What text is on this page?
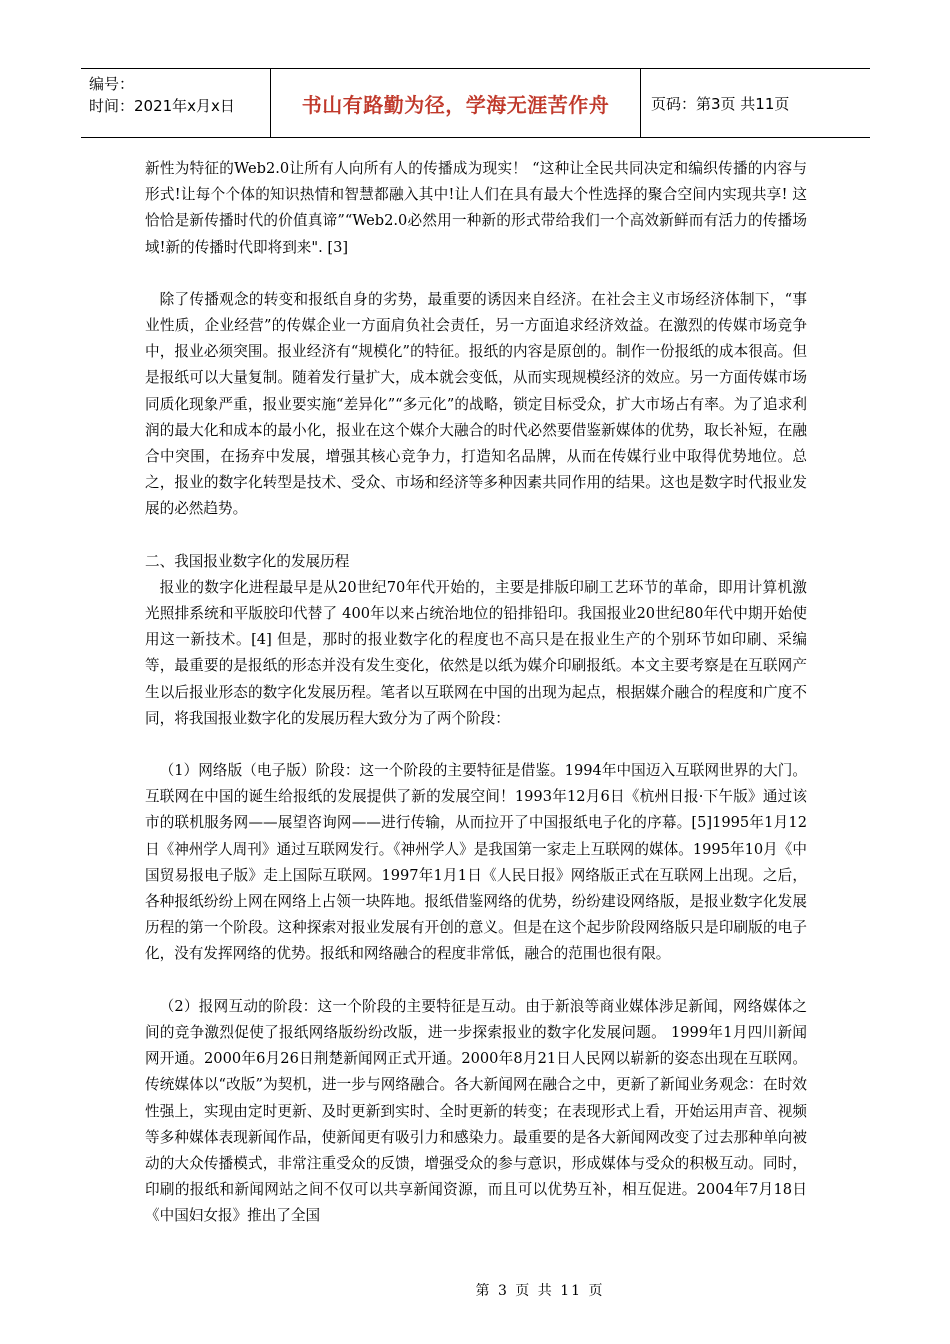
编号：
时间：2021年x月x日	书山有路勤为径，学海无涯苦作舟	页码：第3页 共11页

新性为特征的Web2.0让所有人向所有人的传播成为现实！ “这种让全民共同决定和编织传播的内容与形式!让每个个体的知识热情和智慧都融入其中!让人们在具有最大个性选择的聚合空间内实现共享! 这恰恰是新传播时代的价值真谛”“Web2.0必然用一种新的形式带给我们一个高效新鲜而有活力的传播场域!新的传播时代即将到来". [3]

除了传播观念的转变和报纸自身的劣势，最重要的诱因来自经济。在社会主义市场经济体制下，“事业性质，企业经营”的传媒企业一方面肩负社会责任，另一方面追求经济效益。在激烈的传媒市场竞争中，报业必须突围。报业经济有“规模化”的特征。报纸的内容是原创的。制作一份报纸的成本很高。但是报纸可以大量复制。随着发行量扩大，成本就会变低，从而实现规模经济的效应。另一方面传媒市场同质化现象严重，报业要实施“差异化”“多元化”的战略，锁定目标受众，扩大市场占有率。为了追求利润的最大化和成本的最小化，报业在这个媒介大融合的时代必然要借鉴新媒体的优势，取长补短，在融合中突围，在扬弃中发展，增强其核心竞争力，打造知名品牌，从而在传媒行业中取得优势地位。总之，报业的数字化转型是技术、受众、市场和经济等多种因素共同作用的结果。这也是数字时代报业发展的必然趋势。

二、我国报业数字化的发展历程

报业的数字化进程最早是从20世纪70年代开始的，主要是排版印刷工艺环节的革命，即用计算机激光照排系统和平版胶印代替了 400年以来占统治地位的铅排铅印。我国报业20世纪80年代中期开始使用这一新技术。[4] 但是，那时的报业数字化的程度也不高只是在报业生产的个别环节如印刷、采编等，最重要的是报纸的形态并没有发生变化，依然是以纸为媒介印刷报纸。本文主要考察是在互联网产生以后报业形态的数字化发展历程。笔者以互联网在中国的出现为起点，根据媒介融合的程度和广度不同，将我国报业数字化的发展历程大致分为了两个阶段：

（1）网络版（电子版）阶段：这一个阶段的主要特征是借鉴。1994年中国迈入互联网世界的大门。互联网在中国的诞生给报纸的发展提供了新的发展空间！1993年12月6日《杭州日报·下午版》通过该市的联机服务网——展望咨询网——进行传输，从而拉开了中国报纸电子化的序幕。[5]1995年1月12日《神州学人周刊》通过互联网发行。《神州学人》是我国第一家走上互联网的媒体。1995年10月《中国贸易报电子版》走上国际互联网。1997年1月1日《人民日报》网络版正式在互联网上出现。之后，各种报纸纷纷上网在网络上占领一块阵地。报纸借鉴网络的优势，纷纷建设网络版，是报业数字化发展历程的第一个阶段。这种探索对报业发展有开创的意义。但是在这个起步阶段网络版只是印刷版的电子化，没有发挥网络的优势。报纸和网络融合的程度非常低，融合的范围也很有限。

（2）报网互动的阶段：这一个阶段的主要特征是互动。由于新浪等商业媒体涉足新闻，网络媒体之间的竞争激烈促使了报纸网络版纷纷改版，进一步探索报业的数字化发展问题。 1999年1月四川新闻网开通。2000年6月26日荆楚新闻网正式开通。2000年8月21日人民网以崭新的姿态出现在互联网。传统媒体以“改版”为契机，进一步与网络融合。各大新闻网在融合之中，更新了新闻业务观念：在时效性强上，实现由定时更新、及时更新到实时、全时更新的转变；在表现形式上看，开始运用声音、视频等多种媒体表现新闻作品，使新闻更有吸引力和感染力。最重要的是各大新闻网改变了过去那种单向被动的大众传播模式，非常注重受众的反馈，增强受众的参与意识，形成媒体与受众的积极互动。同时，印刷的报纸和新闻网站之间不仅可以共享新闻资源，而且可以优势互补，相互促进。2004年7月18日《中国妇女报》推出了全国

第 3 页 共 11 页
